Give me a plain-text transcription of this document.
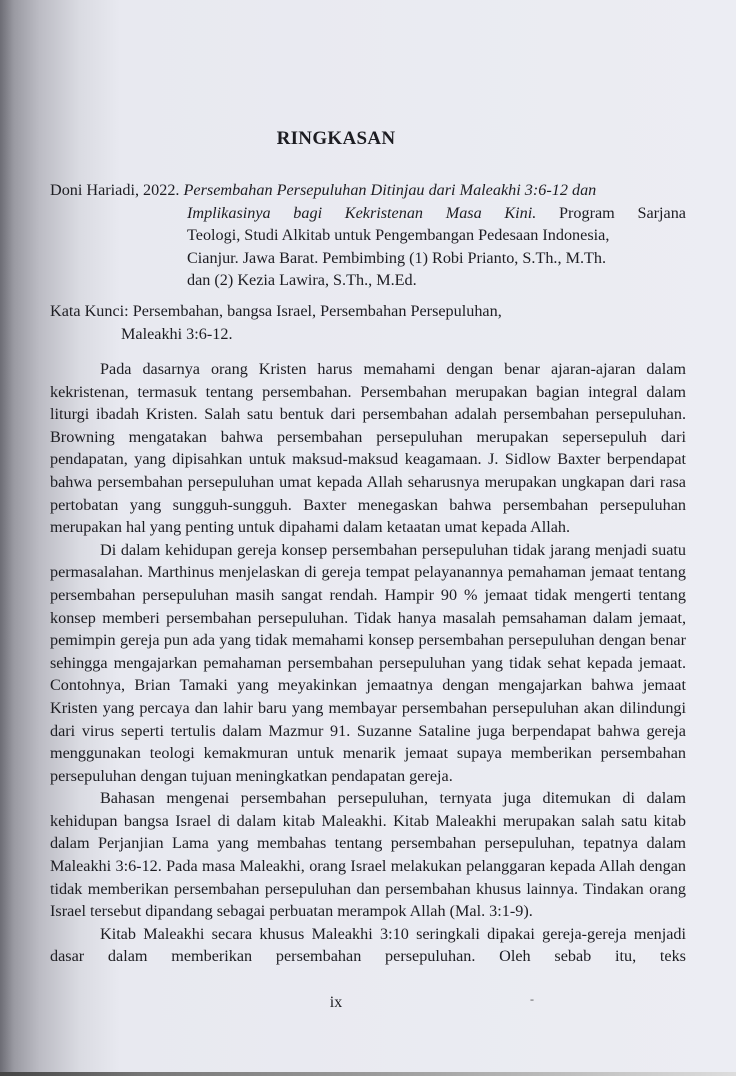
RINGKASAN
Doni Hariadi, 2022. Persembahan Persepuluhan Ditinjau dari Maleakhi 3:6-12 dan
Implikasinya bagi Kekristenan Masa Kini. Program Sarjana
Teologi, Studi Alkitab untuk Pengembangan Pedesaan Indonesia,
Cianjur. Jawa Barat. Pembimbing (1) Robi Prianto, S.Th., M.Th.
dan (2) Kezia Lawira, S.Th., M.Ed.
Kata Kunci: Persembahan, bangsa Israel, Persembahan Persepuluhan,
Maleakhi 3:6-12.

Pada dasarnya orang Kristen harus memahami dengan benar ajaran-ajaran dalam kekristenan, termasuk tentang persembahan. Persembahan merupakan bagian integral dalam liturgi ibadah Kristen. Salah satu bentuk dari persembahan adalah persembahan persepuluhan. Browning mengatakan bahwa persembahan persepuluhan merupakan sepersepuluh dari pendapatan, yang dipisahkan untuk maksud-maksud keagamaan. J. Sidlow Baxter berpendapat bahwa persembahan persepuluhan umat kepada Allah seharusnya merupakan ungkapan dari rasa pertobatan yang sungguh-sungguh. Baxter menegaskan bahwa persembahan persepuluhan merupakan hal yang penting untuk dipahami dalam ketaatan umat kepada Allah.

Di dalam kehidupan gereja konsep persembahan persepuluhan tidak jarang menjadi suatu permasalahan. Marthinus menjelaskan di gereja tempat pelayanannya pemahaman jemaat tentang persembahan persepuluhan masih sangat rendah. Hampir 90 % jemaat tidak mengerti tentang konsep memberi persembahan persepuluhan. Tidak hanya masalah pemsahaman dalam jemaat, pemimpin gereja pun ada yang tidak memahami konsep persembahan persepuluhan dengan benar sehingga mengajarkan pemahaman persembahan persepuluhan yang tidak sehat kepada jemaat. Contohnya, Brian Tamaki yang meyakinkan jemaatnya dengan mengajarkan bahwa jemaat Kristen yang percaya dan lahir baru yang membayar persembahan persepuluhan akan dilindungi dari virus seperti tertulis dalam Mazmur 91. Suzanne Sataline juga berpendapat bahwa gereja menggunakan teologi kemakmuran untuk menarik jemaat supaya memberikan persembahan persepuluhan dengan tujuan meningkatkan pendapatan gereja.

Bahasan mengenai persembahan persepuluhan, ternyata juga ditemukan di dalam kehidupan bangsa Israel di dalam kitab Maleakhi. Kitab Maleakhi merupakan salah satu kitab dalam Perjanjian Lama yang membahas tentang persembahan persepuluhan, tepatnya dalam Maleakhi 3:6-12. Pada masa Maleakhi, orang Israel melakukan pelanggaran kepada Allah dengan tidak memberikan persembahan persepuluhan dan persembahan khusus lainnya. Tindakan orang Israel tersebut dipandang sebagai perbuatan merampok Allah (Mal. 3:1-9).

Kitab Maleakhi secara khusus Maleakhi 3:10 seringkali dipakai gereja-gereja menjadi dasar dalam memberikan persembahan persepuluhan. Oleh sebab itu, teks

ix	-
